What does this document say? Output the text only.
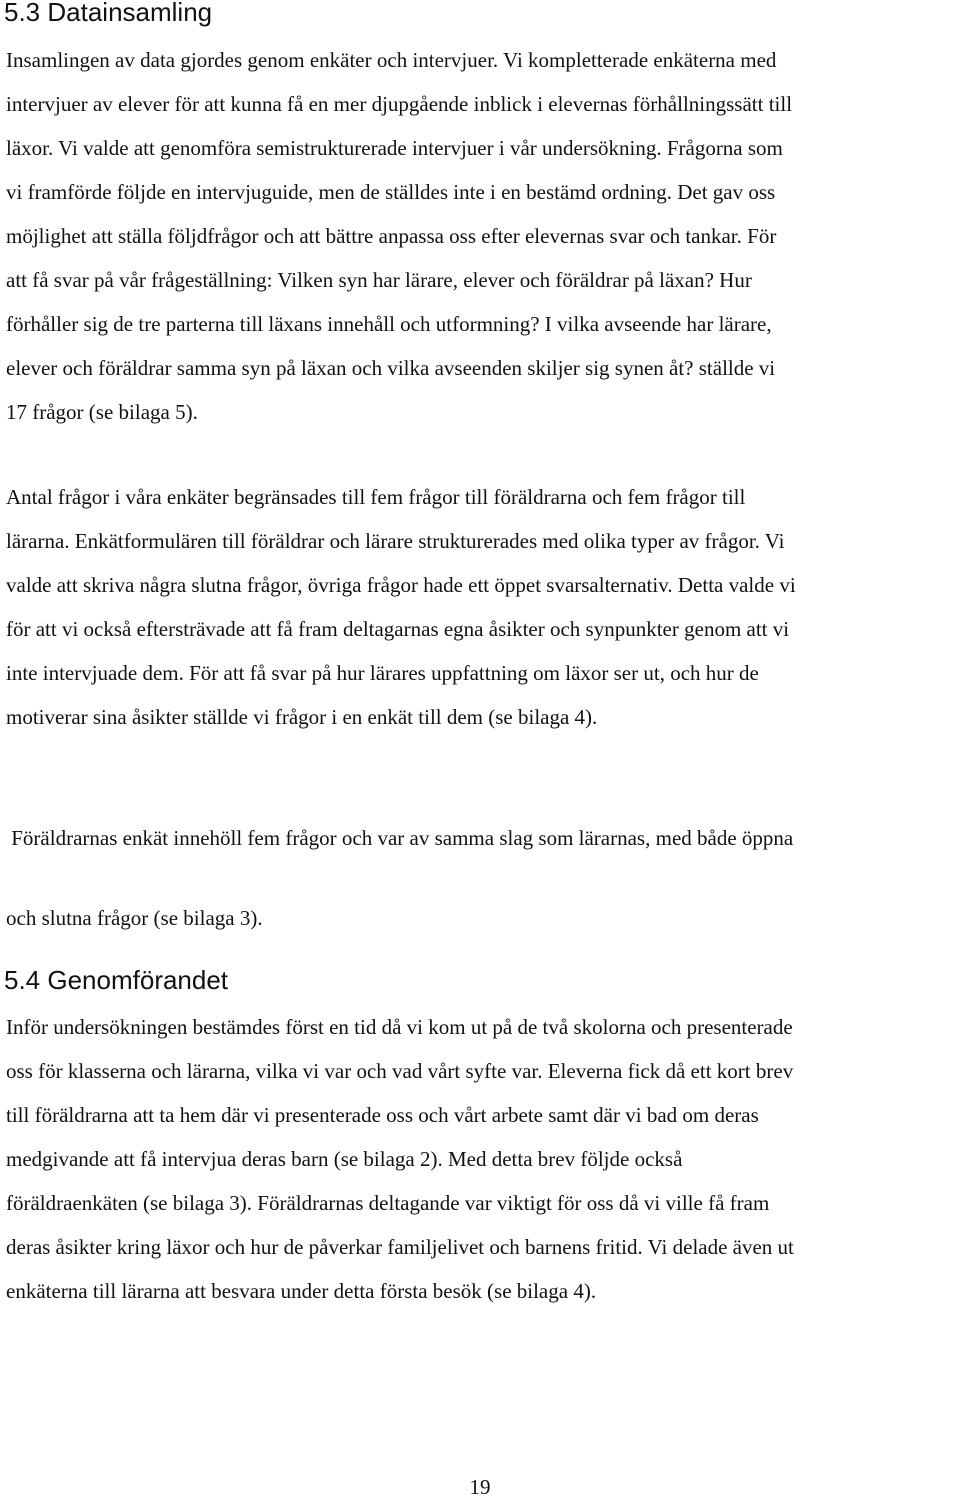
5.3 Datainsamling

Insamlingen av data gjordes genom enkäter och intervjuer. Vi kompletterade enkäterna med
intervjuer av elever för att kunna få en mer djupgående inblick i elevernas förhållningssätt till
läxor. Vi valde att genomföra semistrukturerade intervjuer i vår undersökning. Frågorna som
vi framförde följde en intervjuguide, men de ställdes inte i en bestämd ordning. Det gav oss
möjlighet att ställa följdfrågor och att bättre anpassa oss efter elevernas svar och tankar. För
att få svar på vår frågeställning: Vilken syn har lärare, elever och föräldrar på läxan? Hur
förhåller sig de tre parterna till läxans innehåll och utformning? I vilka avseende har lärare,
elever och föräldrar samma syn på läxan och vilka avseenden skiljer sig synen åt? ställde vi
17 frågor (se bilaga 5).

Antal frågor i våra enkäter begränsades till fem frågor till föräldrarna och fem frågor till
lärarna. Enkätformulären till föräldrar och lärare strukturerades med olika typer av frågor. Vi
valde att skriva några slutna frågor, övriga frågor hade ett öppet svarsalternativ. Detta valde vi
för att vi också eftersträvade att få fram deltagarnas egna åsikter och synpunkter genom att vi
inte intervjuade dem. För att få svar på hur lärares uppfattning om läxor ser ut, och hur de
motiverar sina åsikter ställde vi frågor i en enkät till dem (se bilaga 4).

Föräldrarnas enkät innehöll fem frågor och var av samma slag som lärarnas, med både öppna

och slutna frågor (se bilaga 3).

5.4 Genomförandet

Inför undersökningen bestämdes först en tid då vi kom ut på de två skolorna och presenterade
oss för klasserna och lärarna, vilka vi var och vad vårt syfte var. Eleverna fick då ett kort brev
till föräldrarna att ta hem där vi presenterade oss och vårt arbete samt där vi bad om deras
medgivande att få intervjua deras barn (se bilaga 2). Med detta brev följde också
föräldraenkäten (se bilaga 3). Föräldrarnas deltagande var viktigt för oss då vi ville få fram
deras åsikter kring läxor och hur de påverkar familjelivet och barnens fritid. Vi delade även ut
enkäterna till lärarna att besvara under detta första besök (se bilaga 4).

19
